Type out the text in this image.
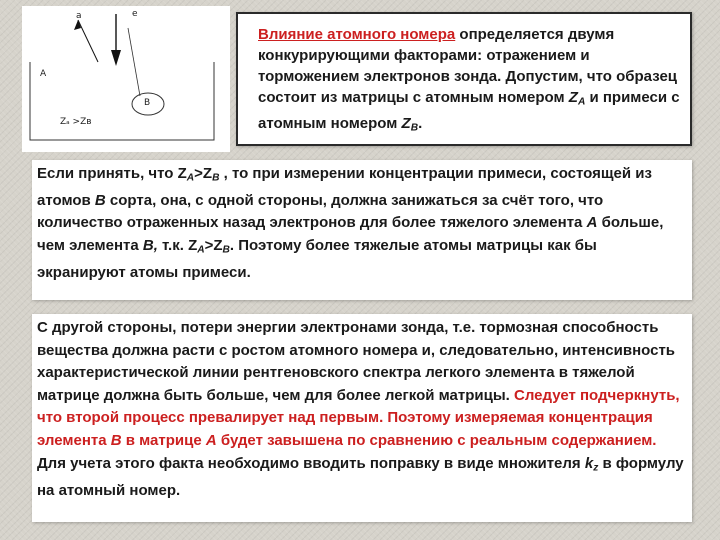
a	e
A
B
Zₐ >Zʙ
Влияние атомного номера определяется двумя конкурирующими факторами: отражением и торможением электронов зонда. Допустим, что образец состоит из матрицы с атомным номером $Z_A$ и примеси с атомным номером $Z_B$.
Если принять, что $Z_A>Z_B$ , то при измерении концентрации примеси, состоящей из атомов B сорта, она, с одной стороны, должна занижаться за счёт того, что количество отраженных назад электронов для более тяжелого элемента А больше, чем элемента В, т.к. $Z_A>Z_B$. Поэтому более тяжелые атомы матрицы как бы экранируют атомы примеси.
С другой стороны, потери энергии электронами зонда, т.е. тормозная способность вещества должна расти с ростом атомного номера и, следовательно, интенсивность характеристической линии рентгеновского спектра легкого элемента в тяжелой матрице должна быть больше, чем для более легкой матрицы. Следует подчеркнуть, что второй процесс превалирует над первым. Поэтому измеряемая концентрация элемента В в матрице А будет завышена по сравнению с реальным содержанием. Для учета этого факта необходимо вводить поправку в виде множителя $k_z$ в формулу на атомный номер.
